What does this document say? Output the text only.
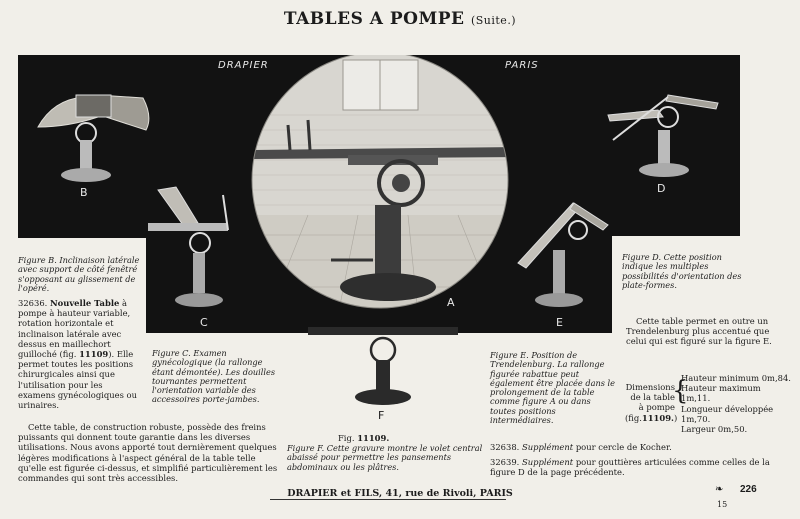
TABLES A POMPE (Suite.)
DRAPIER	PARIS
B
C
A
D
E
F
Fig. 11109.
Figure B. Inclinaison latérale avec support de côté fenêtré s'opposant au glissement de l'opéré.
Figure C. Examen gynécologique (la rallonge étant démontée). Les douilles tournantes permettent l'orientation variable des accessoires porte-jambes.
Figure D. Cette position indique les multiples possibilités d'orientation des plate-formes.
Figure E. Position de Trendelenburg. La rallonge figurée rabattue peut également être placée dans le prolongement de la table comme figure A ou dans toutes positions intermédiaires.
Figure F. Cette gravure montre le volet central abaissé pour permettre les pansements abdominaux ou les plâtres.
32636. Nouvelle Table à pompe à hauteur variable, rotation horizontale et inclinaison latérale avec dessus en maillechort guilloché (fig. 11109). Elle permet toutes les positions chirurgicales ainsi que l'utilisation pour les examens gynécologiques ou urinaires.
Cette table, de construction robuste, possède des freins puissants qui donnent toute garantie dans les diverses utilisations. Nous avons apporté tout dernièrement quelques légères modifications à l'aspect général de la table telle qu'elle est figurée ci-dessus, et simplifié particulièrement les commandes qui sont très accessibles.
Cette table permet en outre un Trendelenburg plus accentué que celui qui est figuré sur la figure E.
Dimensions
de la table
à pompe
(fig.11109.)
{
Hauteur minimum 0m,84.
Hauteur maximum 1m,11.
Longueur développée 1m,70.
Largeur 0m,50.
32638. Supplément pour cercle de Kocher.
32639. Supplément pour gouttières articulées comme celles de la figure D de la page précédente.
DRAPIER et FILS, 41, rue de Rivoli, PARIS	❧ 226
15
